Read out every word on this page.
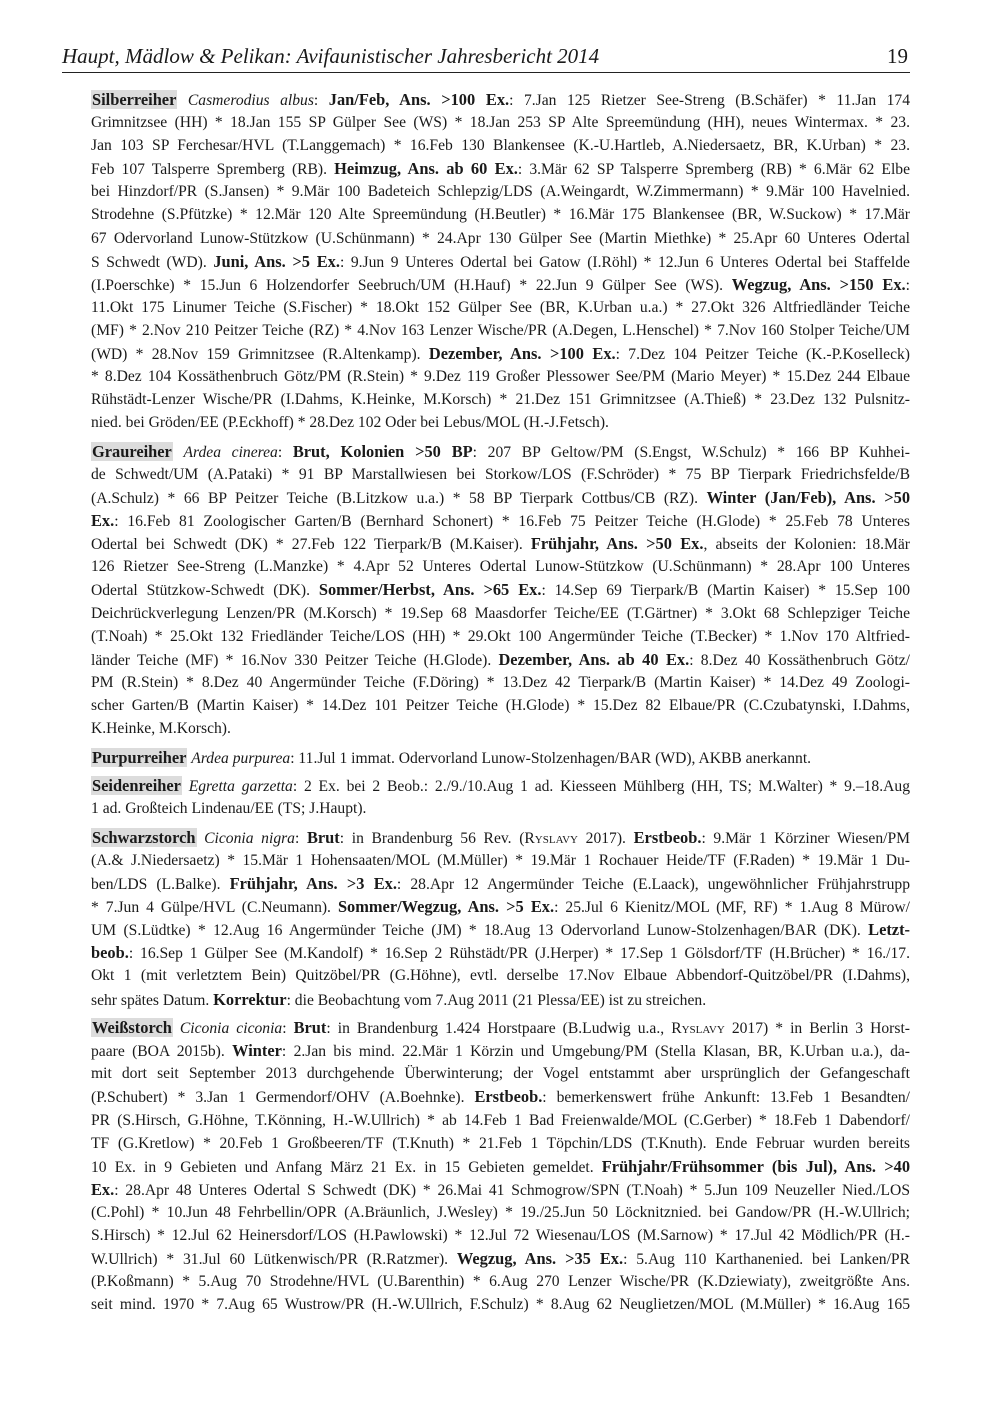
Haupt, Mädlow & Pelikan: Avifaunistischer Jahresbericht 2014	19
Silberreiher Casmerodius albus: Jan/Feb, Ans. >100 Ex.: 7.Jan 125 Rietzer See-Streng (B.Schäfer) * 11.Jan 174
Grimnitzsee (HH) * 18.Jan 155 SP Gülper See (WS) * 18.Jan 253 SP Alte Spreemündung (HH), neues Wintermax. * 23.
Jan 103 SP Ferchesar/HVL (T.Langgemach) * 16.Feb 130 Blankensee (K.-U.Hartleb, A.Niedersaetz, BR, K.Urban) * 23.
Feb 107 Talsperre Spremberg (RB). Heimzug, Ans. ab 60 Ex.: 3.Mär 62 SP Talsperre Spremberg (RB) * 6.Mär 62 Elbe
bei Hinzdorf/PR (S.Jansen) * 9.Mär 100 Badeteich Schlepzig/LDS (A.Weingardt, W.Zimmermann) * 9.Mär 100 Havelnied.
Strodehne (S.Pfützke) * 12.Mär 120 Alte Spreemündung (H.Beutler) * 16.Mär 175 Blankensee (BR, W.Suckow) * 17.Mär
67 Odervorland Lunow-Stützkow (U.Schünmann) * 24.Apr 130 Gülper See (Martin Miethke) * 25.Apr 60 Unteres Odertal
S Schwedt (WD). Juni, Ans. >5 Ex.: 9.Jun 9 Unteres Odertal bei Gatow (I.Röhl) * 12.Jun 6 Unteres Odertal bei Staffelde
(I.Poerschke) * 15.Jun 6 Holzendorfer Seebruch/UM (H.Hauf) * 22.Jun 9 Gülper See (WS). Wegzug, Ans. >150 Ex.:
11.Okt 175 Linumer Teiche (S.Fischer) * 18.Okt 152 Gülper See (BR, K.Urban u.a.) * 27.Okt 326 Altfriedländer Teiche
(MF) * 2.Nov 210 Peitzer Teiche (RZ) * 4.Nov 163 Lenzer Wische/PR (A.Degen, L.Henschel) * 7.Nov 160 Stolper Teiche/UM
(WD) * 28.Nov 159 Grimnitzsee (R.Altenkamp). Dezember, Ans. >100 Ex.: 7.Dez 104 Peitzer Teiche (K.-P.Koselleck)
* 8.Dez 104 Kossäthenbruch Götz/PM (R.Stein) * 9.Dez 119 Großer Plessower See/PM (Mario Meyer) * 15.Dez 244 Elbaue
Rühstädt-Lenzer Wische/PR (I.Dahms, K.Heinke, M.Korsch) * 21.Dez 151 Grimnitzsee (A.Thieß) * 23.Dez 132 Pulsnitz-
nied. bei Gröden/EE (P.Eckhoff) * 28.Dez 102 Oder bei Lebus/MOL (H.-J.Fetsch).
Graureiher Ardea cinerea: Brut, Kolonien >50 BP: 207 BP Geltow/PM (S.Engst, W.Schulz) * 166 BP Kuhhei-
de Schwedt/UM (A.Pataki) * 91 BP Marstallwiesen bei Storkow/LOS (F.Schröder) * 75 BP Tierpark Friedrichsfelde/B
(A.Schulz) * 66 BP Peitzer Teiche (B.Litzkow u.a.) * 58 BP Tierpark Cottbus/CB (RZ). Winter (Jan/Feb), Ans. >50
Ex.: 16.Feb 81 Zoologischer Garten/B (Bernhard Schonert) * 16.Feb 75 Peitzer Teiche (H.Glode) * 25.Feb 78 Unteres
Odertal bei Schwedt (DK) * 27.Feb 122 Tierpark/B (M.Kaiser). Frühjahr, Ans. >50 Ex., abseits der Kolonien: 18.Mär
126 Rietzer See-Streng (L.Manzke) * 4.Apr 52 Unteres Odertal Lunow-Stützkow (U.Schünmann) * 28.Apr 100 Unteres
Odertal Stützkow-Schwedt (DK). Sommer/Herbst, Ans. >65 Ex.: 14.Sep 69 Tierpark/B (Martin Kaiser) * 15.Sep 100
Deichrückverlegung Lenzen/PR (M.Korsch) * 19.Sep 68 Maasdorfer Teiche/EE (T.Gärtner) * 3.Okt 68 Schlepziger Teiche
(T.Noah) * 25.Okt 132 Friedländer Teiche/LOS (HH) * 29.Okt 100 Angermünder Teiche (T.Becker) * 1.Nov 170 Altfried-
länder Teiche (MF) * 16.Nov 330 Peitzer Teiche (H.Glode). Dezember, Ans. ab 40 Ex.: 8.Dez 40 Kossäthenbruch Götz/
PM (R.Stein) * 8.Dez 40 Angermünder Teiche (F.Döring) * 13.Dez 42 Tierpark/B (Martin Kaiser) * 14.Dez 49 Zoologi-
scher Garten/B (Martin Kaiser) * 14.Dez 101 Peitzer Teiche (H.Glode) * 15.Dez 82 Elbaue/PR (C.Czubatynski, I.Dahms,
K.Heinke, M.Korsch).
Purpurreiher Ardea purpurea: 11.Jul 1 immat. Odervorland Lunow-Stolzenhagen/BAR (WD), AKBB anerkannt.
Seidenreiher Egretta garzetta: 2 Ex. bei 2 Beob.: 2./9./10.Aug 1 ad. Kiesseen Mühlberg (HH, TS; M.Walter) * 9.–18.Aug
1 ad. Großteich Lindenau/EE (TS; J.Haupt).
Schwarzstorch Ciconia nigra: Brut: in Brandenburg 56 Rev. (Ryslavy 2017). Erstbeob.: 9.Mär 1 Körziner Wiesen/PM
(A.& J.Niedersaetz) * 15.Mär 1 Hohensaaten/MOL (M.Müller) * 19.Mär 1 Rochauer Heide/TF (F.Raden) * 19.Mär 1 Du-
ben/LDS (L.Balke). Frühjahr, Ans. >3 Ex.: 28.Apr 12 Angermünder Teiche (E.Laack), ungewöhnlicher Frühjahrstrupp
* 7.Jun 4 Gülpe/HVL (C.Neumann). Sommer/Wegzug, Ans. >5 Ex.: 25.Jul 6 Kienitz/MOL (MF, RF) * 1.Aug 8 Mürow/
UM (S.Lüdtke) * 12.Aug 16 Angermünder Teiche (JM) * 18.Aug 13 Odervorland Lunow-Stolzenhagen/BAR (DK). Letzt-
beob.: 16.Sep 1 Gülper See (M.Kandolf) * 16.Sep 2 Rühstädt/PR (J.Herper) * 17.Sep 1 Gölsdorf/TF (H.Brücher) * 16./17.
Okt 1 (mit verletztem Bein) Quitzöbel/PR (G.Höhne), evtl. derselbe 17.Nov Elbaue Abbendorf-Quitzöbel/PR (I.Dahms),
sehr spätes Datum. Korrektur: die Beobachtung vom 7.Aug 2011 (21 Plessa/EE) ist zu streichen.
Weißstorch Ciconia ciconia: Brut: in Brandenburg 1.424 Horstpaare (B.Ludwig u.a., Ryslavy 2017) * in Berlin 3 Horst-
paare (BOA 2015b). Winter: 2.Jan bis mind. 22.Mär 1 Körzin und Umgebung/PM (Stella Klasan, BR, K.Urban u.a.), da-
mit dort seit September 2013 durchgehende Überwinterung; der Vogel entstammt aber ursprünglich der Gefangeschaft
(P.Schubert) * 3.Jan 1 Germendorf/OHV (A.Boehnke). Erstbeob.: bemerkenswert frühe Ankunft: 13.Feb 1 Besandten/
PR (S.Hirsch, G.Höhne, T.Könning, H.-W.Ullrich) * ab 14.Feb 1 Bad Freienwalde/MOL (C.Gerber) * 18.Feb 1 Dabendorf/
TF (G.Kretlow) * 20.Feb 1 Großbeeren/TF (T.Knuth) * 21.Feb 1 Töpchin/LDS (T.Knuth). Ende Februar wurden bereits
10 Ex. in 9 Gebieten und Anfang März 21 Ex. in 15 Gebieten gemeldet. Frühjahr/Frühsommer (bis Jul), Ans. >40
Ex.: 28.Apr 48 Unteres Odertal S Schwedt (DK) * 26.Mai 41 Schmogrow/SPN (T.Noah) * 5.Jun 109 Neuzeller Nied./LOS
(C.Pohl) * 10.Jun 48 Fehrbellin/OPR (A.Bräunlich, J.Wesley) * 19./25.Jun 50 Löcknitznied. bei Gandow/PR (H.-W.Ullrich;
S.Hirsch) * 12.Jul 62 Heinersdorf/LOS (H.Pawlowski) * 12.Jul 72 Wiesenau/LOS (M.Sarnow) * 17.Jul 42 Mödlich/PR (H.-
W.Ullrich) * 31.Jul 60 Lütkenwisch/PR (R.Ratzmer). Wegzug, Ans. >35 Ex.: 5.Aug 110 Karthanenied. bei Lanken/PR
(P.Koßmann) * 5.Aug 70 Strodehne/HVL (U.Barenthin) * 6.Aug 270 Lenzer Wische/PR (K.Dziewiaty), zweitgrößte Ans.
seit mind. 1970 * 7.Aug 65 Wustrow/PR (H.-W.Ullrich, F.Schulz) * 8.Aug 62 Neuglietzen/MOL (M.Müller) * 16.Aug 165
